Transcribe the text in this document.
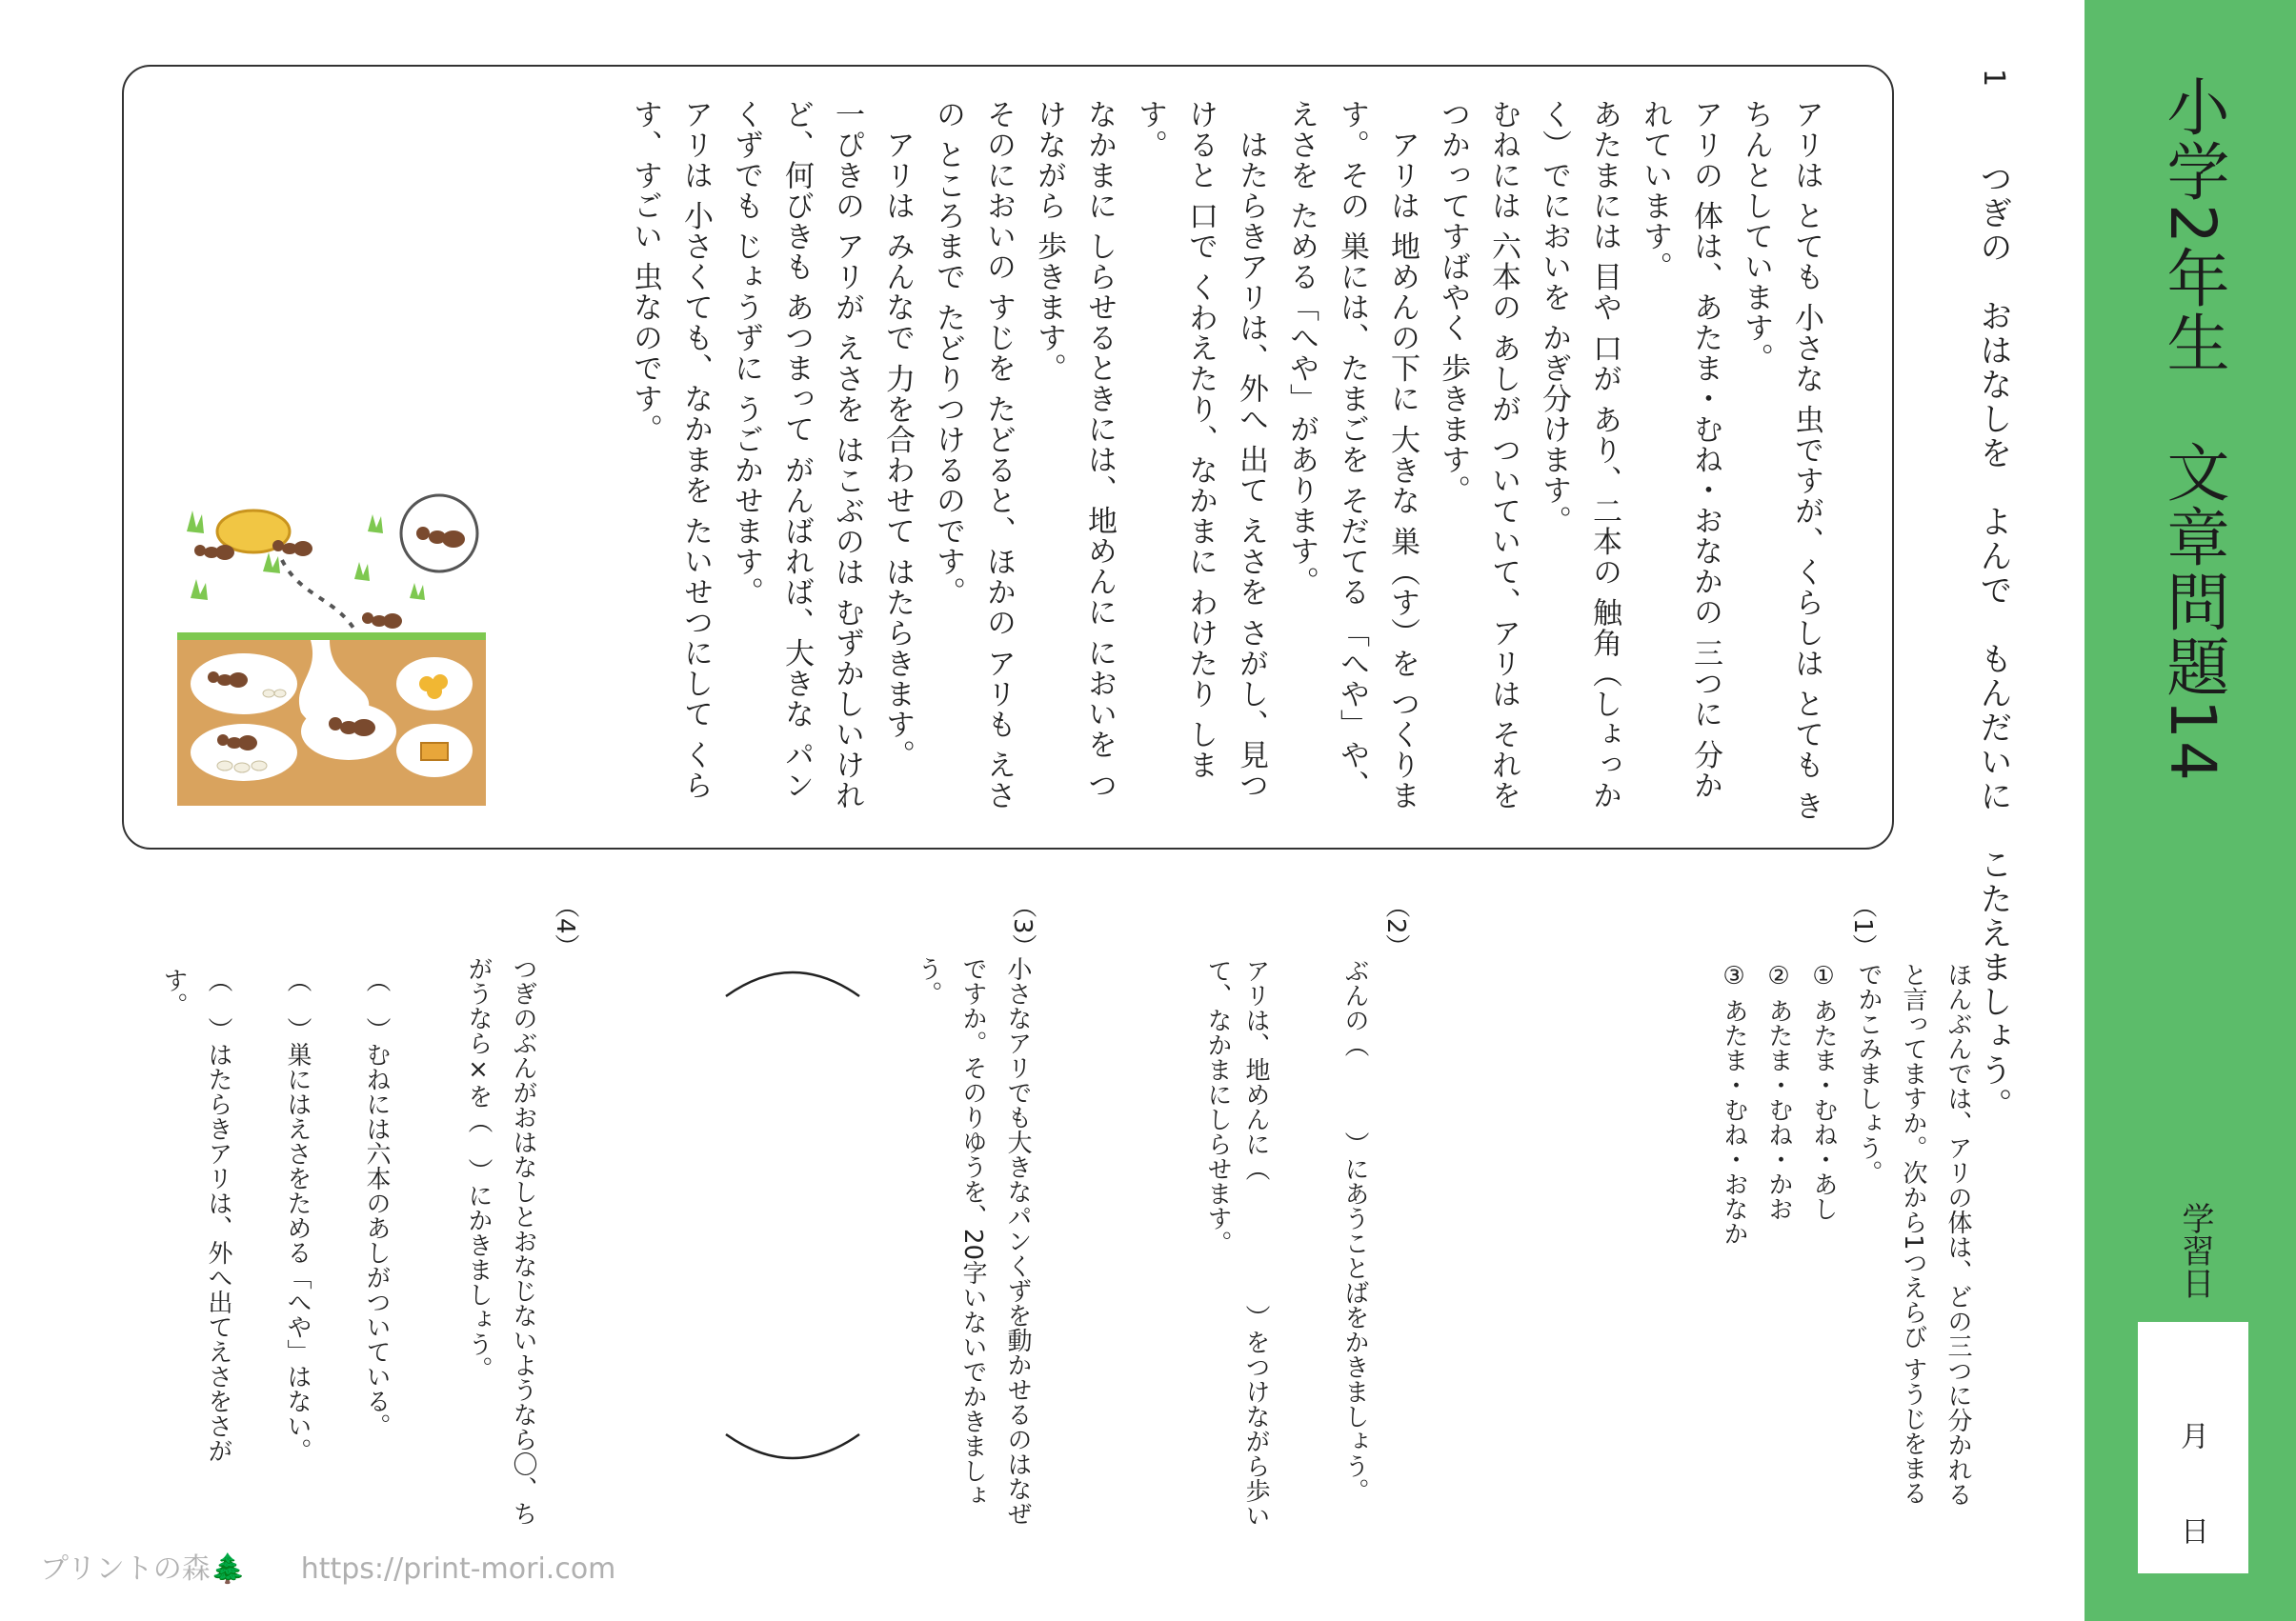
小学2年生　文章問題14
学習日
月
日
1
つぎの　おはなしを　よんで　もんだいに　こたえましょう。

アリは とても 小さな 虫ですが、くらしは とても きちんとしています。

アリの 体は、あたま・むね・おなかの 三つに 分かれています。

あたまには 目や 口が あり、二本の 触角（しょっかく）でにおいを かぎ分けます。

むねには 六本の あしが ついていて、アリは それを つかってすばやく 歩きます。

　アリは 地めんの下に 大きな 巣（す）を つくります。その 巣には、たまごを そだてる 「へや」や、えさを ためる「へや」があります。

　はたらきアリは、外へ 出て えさを さがし、見つけると 口で くわえたり、なかまに わけたり します。

なかまに しらせるときには、地めんに においを つけながら 歩きます。

そのにおいの すじを たどると、ほかの アリも えさの ところまで たどりつけるのです。

　アリは みんなで 力を合わせて はたらきます。

一ぴきの アリが えさを はこぶのは むずかしいけれど、何びきも あつまって がんばれば、大きな パンくずでも じょうずに うごかせます。

アリは 小さくても、なかまを たいせつにして くらす、すごい 虫なのです。

（1）

ほんぶんでは、アリの体は、どの三つに分かれると言ってますか。次から1つえらび すうじをまるでかこみましょう。

① あたま・むね・あし

② あたま・むね・かお

③ あたま・むね・おなか

（2）
ぶんの（　　　）にあうことばをかきましょう。
アリは、地めんに（　　　　　）をつけながら歩いて、なかまにしらせます。
（3）
小さなアリでも大きなパンくずを動かせるのはなぜですか。そのりゆうを、20字いないでかきましょう。
（4）
つぎのぶんがおはなしとおなじないようなら〇、ちがうなら×を（　）にかきましょう。

（　）むねには六本のあしがついている。

（　）巣にはえさをためる「へや」はない。

（　）はたらきアリは、外へ出てえさをさがす。

プリントの森🌲 https://print-mori.com
